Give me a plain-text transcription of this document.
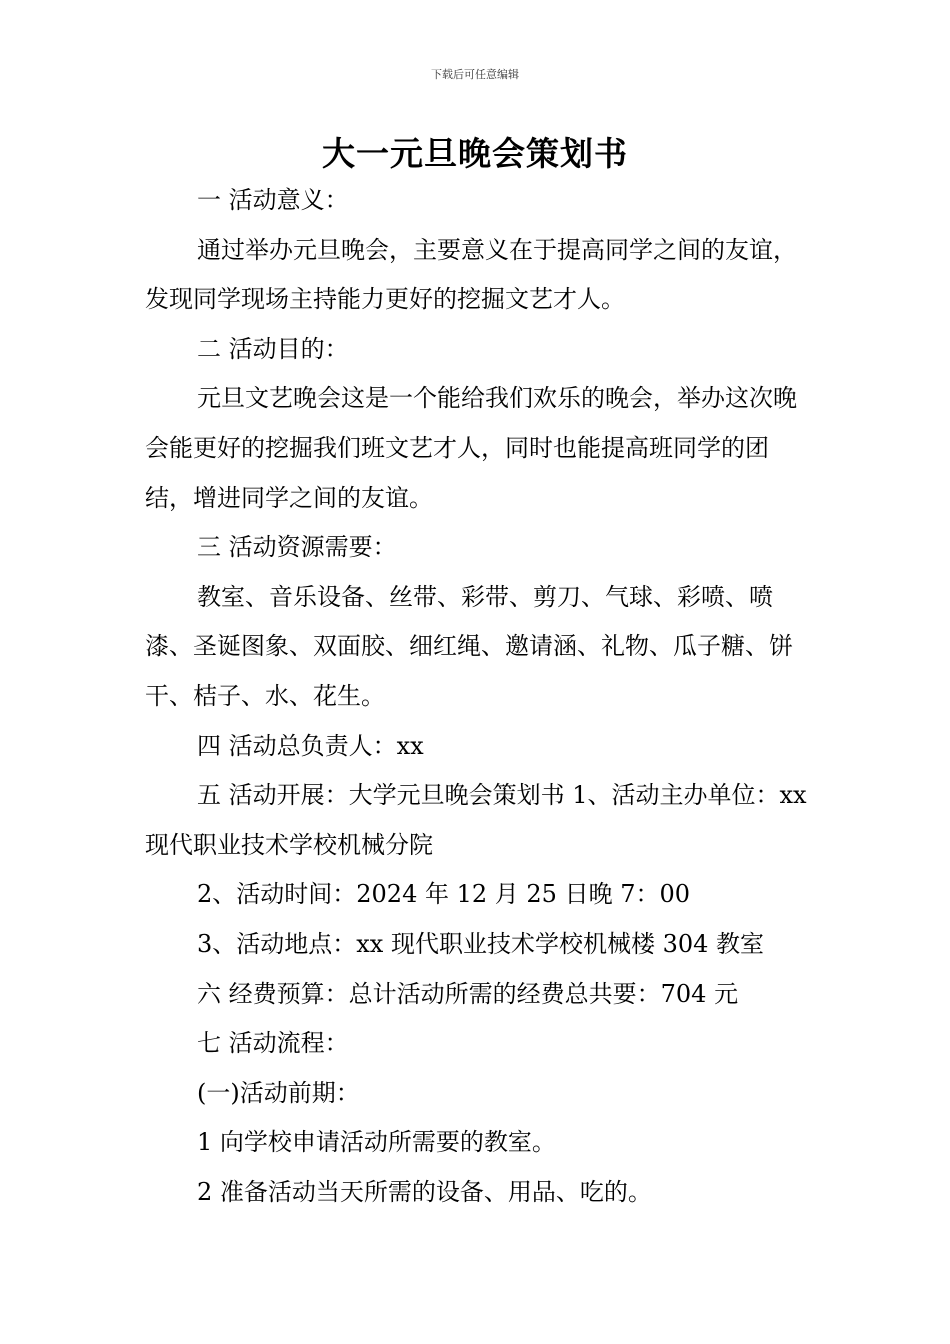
下载后可任意编辑
大一元旦晚会策划书

一 活动意义：

通过举办元旦晚会，主要意义在于提高同学之间的友谊，发现同学现场主持能力更好的挖掘文艺才人。

二 活动目的：

元旦文艺晚会这是一个能给我们欢乐的晚会，举办这次晚会能更好的挖掘我们班文艺才人，同时也能提高班同学的团结，增进同学之间的友谊。

三 活动资源需要：

教室、音乐设备、丝带、彩带、剪刀、气球、彩喷、喷漆、圣诞图象、双面胶、细红绳、邀请涵、礼物、瓜子糖、饼干、桔子、水、花生。

四 活动总负责人：xx

五 活动开展：大学元旦晚会策划书 1、活动主办单位：xx 现代职业技术学校机械分院

2、活动时间：2024 年 12 月 25 日晚 7：00

3、活动地点：xx 现代职业技术学校机械楼 304 教室

六 经费预算：总计活动所需的经费总共要：704 元

七 活动流程：

(一)活动前期：

1 向学校申请活动所需要的教室。

2 准备活动当天所需的设备、用品、吃的。
